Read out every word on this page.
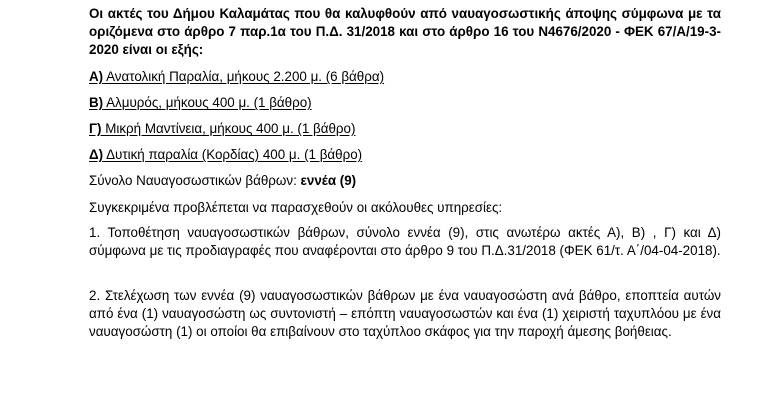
Οι ακτές του Δήμου Καλαμάτας που θα καλυφθούν από ναυαγοσωστικής άποψης σύμφωνα με τα οριζόμενα στο άρθρο 7 παρ.1α του Π.Δ. 31/2018 και στο άρθρο 16 του Ν4676/2020 - ΦΕΚ 67/Α/19-3-2020 είναι οι εξής:

Α) Ανατολική Παραλία, μήκους 2.200 μ. (6 βάθρα)

Β) Αλμυρός, μήκους 400 μ. (1 βάθρο)

Γ) Μικρή Μαντίνεια, μήκους 400 μ. (1 βάθρο)

Δ) Δυτική παραλία (Κορδίας) 400 μ. (1 βάθρο)

Σύνολο Ναυαγοσωστικών βάθρων: εννέα (9)

Συγκεκριμένα προβλέπεται να παρασχεθούν οι ακόλουθες υπηρεσίες:

1. Τοποθέτηση ναυαγοσωστικών βάθρων, σύνολο εννέα (9), στις ανωτέρω ακτές Α), Β) , Γ) και Δ) σύμφωνα με τις προδιαγραφές που αναφέρονται στο άρθρο 9 του Π.Δ.31/2018 (ΦΕΚ 61/τ. Α΄/04-04-2018).

2. Στελέχωση των εννέα (9) ναυαγοσωστικών βάθρων με ένα ναυαγοσώστη ανά βάθρο, εποπτεία αυτών από ένα (1) ναυαγοσώστη ως συντονιστή – επόπτη ναυαγοσωστών και ένα (1) χειριστή ταχυπλόου με ένα ναυαγοσώστη (1) οι οποίοι θα επιβαίνουν στο ταχύπλοο σκάφος για την παροχή άμεσης βοήθειας.
